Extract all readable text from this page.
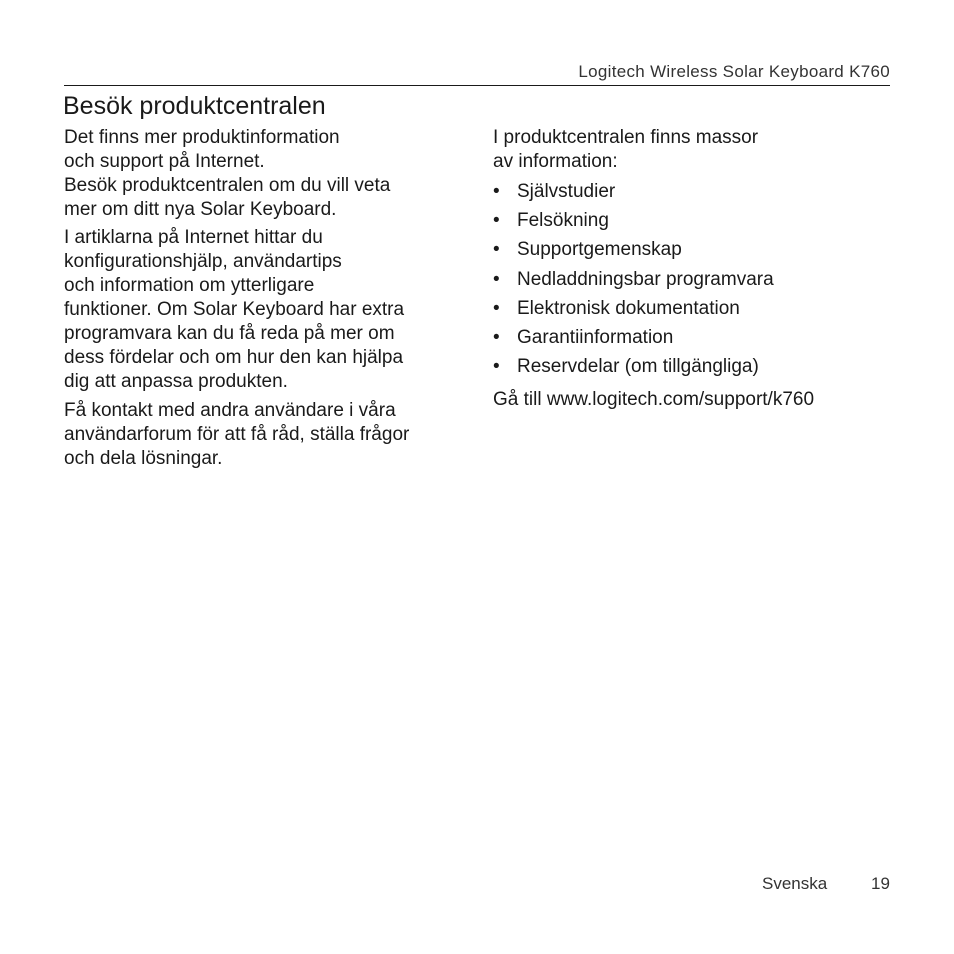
Logitech Wireless Solar Keyboard K760
Besök produktcentralen

Det finns mer produktinformation
och support på Internet.
Besök produktcentralen om du vill veta
mer om ditt nya Solar Keyboard.

I artiklarna på Internet hittar du
konfigurationshjälp, användartips
och information om ytterligare
funktioner. Om Solar Keyboard har extra
programvara kan du få reda på mer om
dess fördelar och om hur den kan hjälpa
dig att anpassa produkten.

Få kontakt med andra användare i våra
användarforum för att få råd, ställa frågor
och dela lösningar.

I produktcentralen finns massor
av information:

• Självstudier
• Felsökning
• Supportgemenskap
• Nedladdningsbar programvara
• Elektronisk dokumentation
• Garantiinformation
• Reservdelar (om tillgängliga)

Gå till www.logitech.com/support/k760

Svenska	19
